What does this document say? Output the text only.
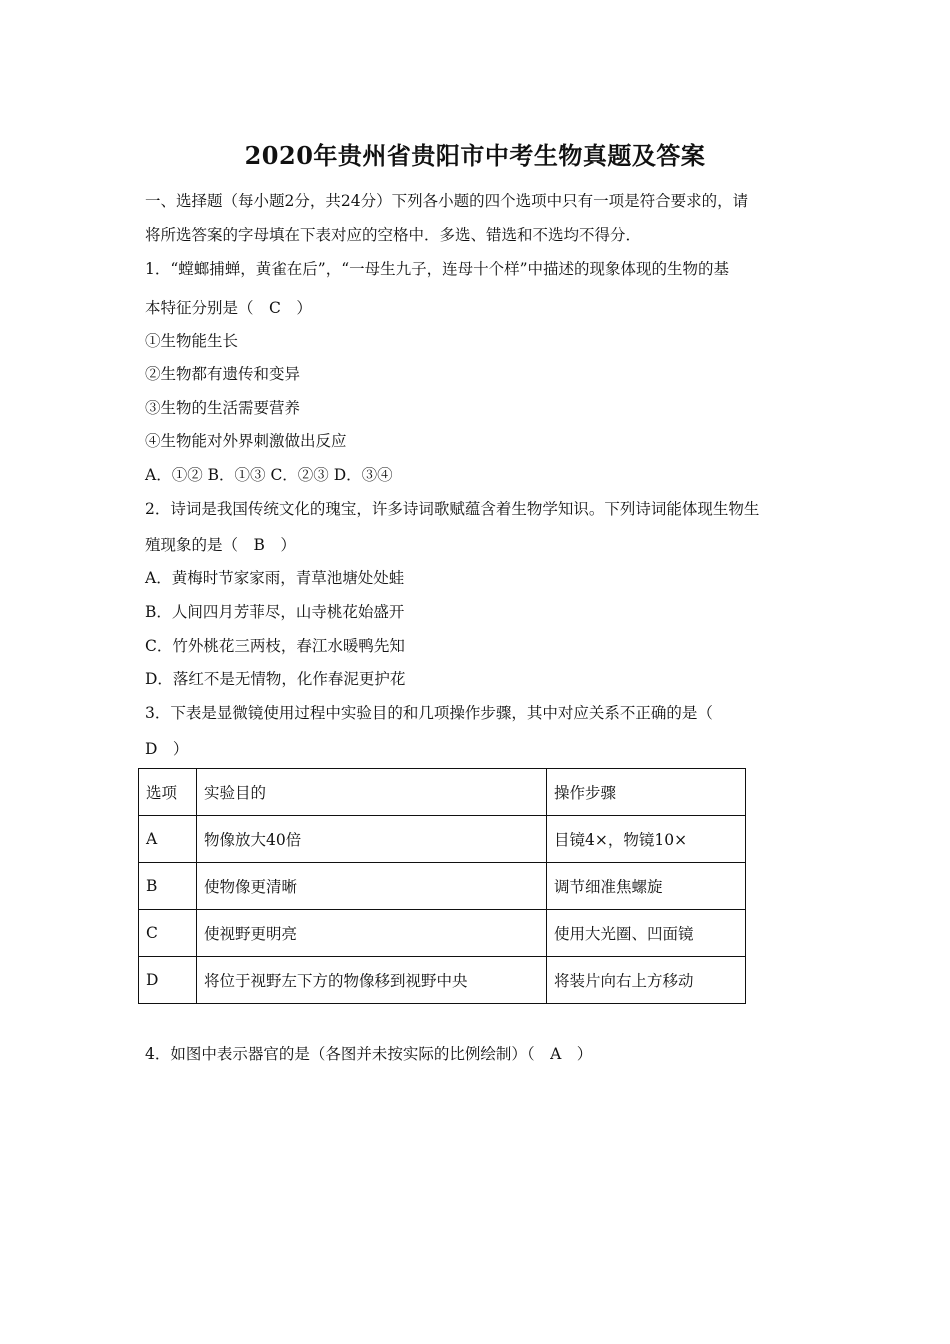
2020年贵州省贵阳市中考生物真题及答案
一、选择题（每小题2分，共24分）下列各小题的四个选项中只有一项是符合要求的，请
将所选答案的字母填在下表对应的空格中．多选、错选和不选均不得分．
1．“螳螂捕蝉，黄雀在后”，“一母生九子，连母十个样”中描述的现象体现的生物的基
本特征分别是（　C　）
①生物能生长
②生物都有遗传和变异
③生物的生活需要营养
④生物能对外界刺激做出反应
A．①② B．①③ C．②③ D．③④
2．诗词是我国传统文化的瑰宝，许多诗词歌赋蕴含着生物学知识。下列诗词能体现生物生
殖现象的是（　B　）
A．黄梅时节家家雨，青草池塘处处蛙
B．人间四月芳菲尽，山寺桃花始盛开
C．竹外桃花三两枝，春江水暖鸭先知
D．落红不是无情物，化作春泥更护花
3．下表是显微镜使用过程中实验目的和几项操作步骤，其中对应关系不正确的是（
D　）
选项	实验目的	操作步骤
A	物像放大40倍	目镜4×，物镜10×
B	使物像更清晰	调节细准焦螺旋
C	使视野更明亮	使用大光圈、凹面镜
D	将位于视野左下方的物像移到视野中央	将装片向右上方移动
4．如图中表示器官的是（各图并未按实际的比例绘制）（　A　）
